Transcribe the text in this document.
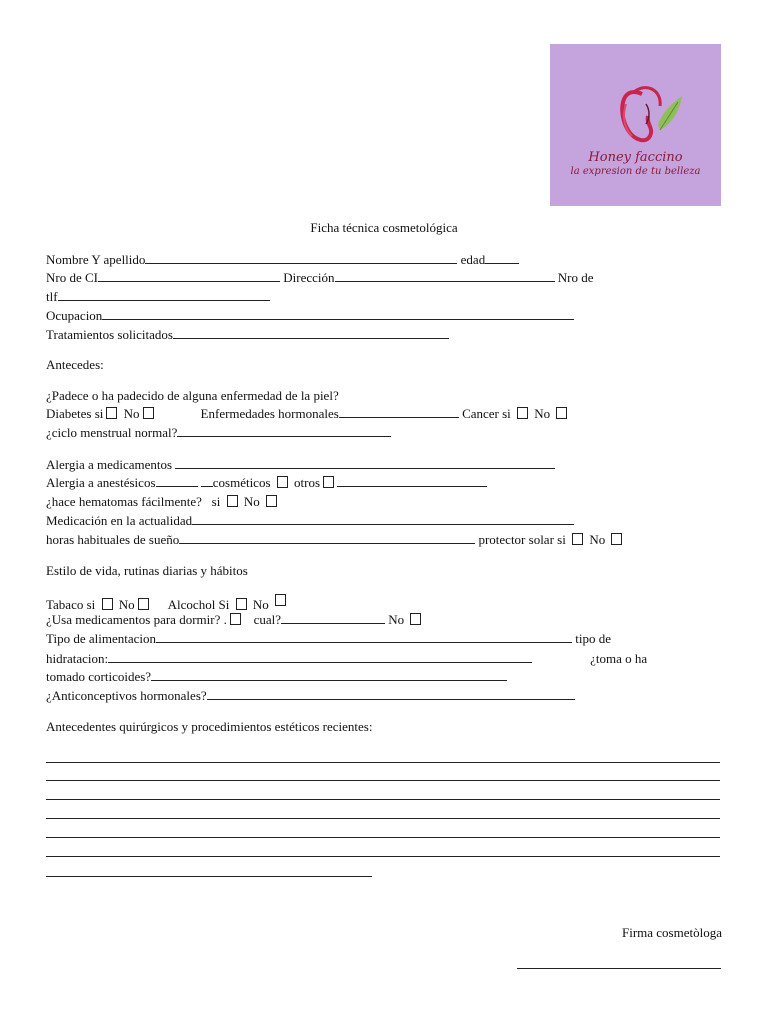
Honey faccino
la expresion de tu belleza
Ficha técnica cosmetológica
Nombre Y apellido	edad
Nro de CI	Dirección	Nro de
tlf
Ocupacion
Tratamientos solicitados
Antecedes:
¿Padece o ha padecido de alguna enfermedad de la piel?
Diabetes si No	Enfermedades hormonales	Cancer si No
¿ciclo menstrual normal?
Alergia a medicamentos
Alergia a anestésicos	cosméticos otros
¿hace hematomas fácilmente? si No
Medicación en la actualidad
horas habituales de sueño	protector solar si No
Estilo de vida, rutinas diarias y hábitos
Tabaco si No	Alcochol Si No
¿Usa medicamentos para dormir? . cual?	No
Tipo de alimentacion	tipo de
hidratacion:	¿toma o ha
tomado corticoides?
¿Anticonceptivos hormonales?
Antecedentes quirúrgicos y procedimientos estéticos recientes:
Firma cosmetòloga
